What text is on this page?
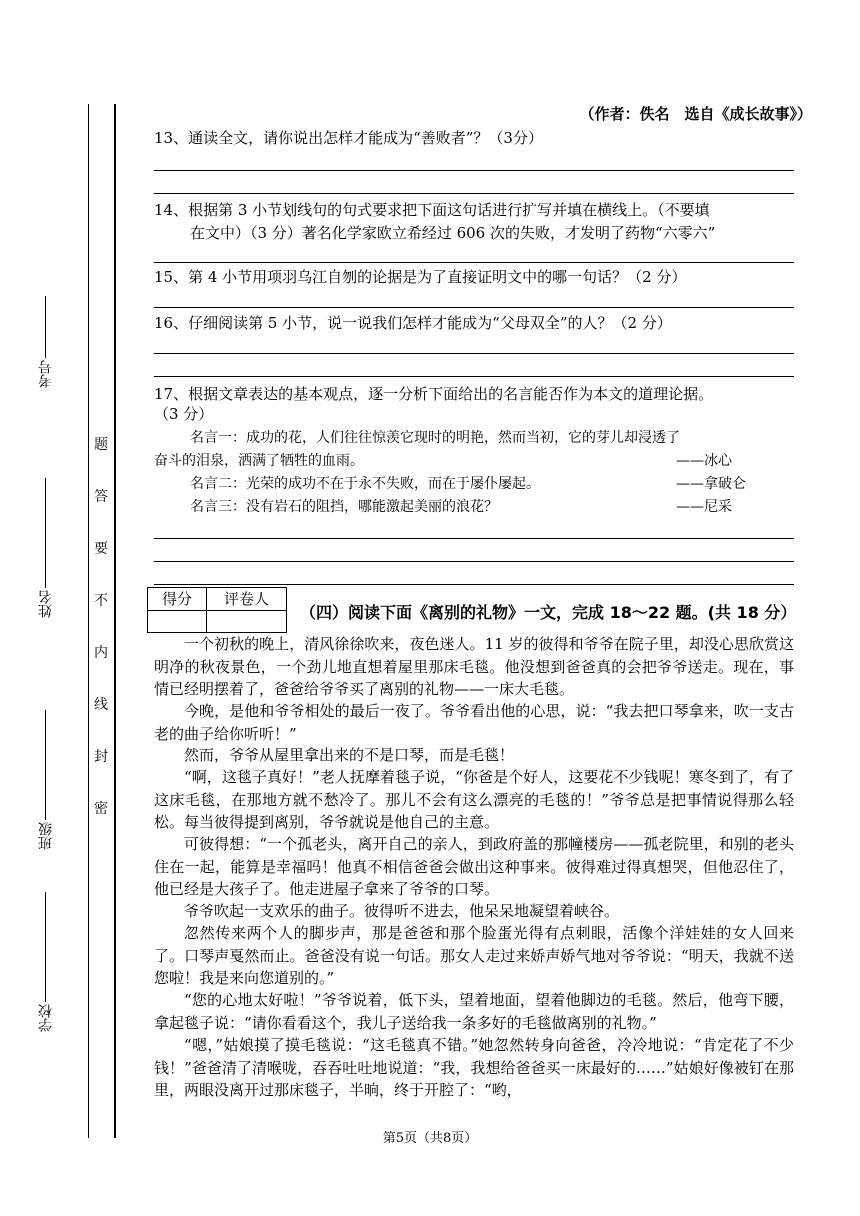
考号
姓名
班级
学校
题
答
要
不
内
线
封
密
（作者：佚名　选自《成长故事》）
13、通读全文，请你说出怎样才能成为“善败者”？（3分）
14、根据第 3 小节划线句的句式要求把下面这句话进行扩写并填在横线上。（不要填
在文中）（3 分）著名化学家欧立希经过 606 次的失败，才发明了药物“六零六”
15、第 4 小节用项羽乌江自刎的论据是为了直接证明文中的哪一句话？（2 分）
16、仔细阅读第 5 小节，说一说我们怎样才能成为“父母双全”的人？（2 分）
17、根据文章表达的基本观点，逐一分析下面给出的名言能否作为本文的道理论据。
（3 分）
名言一：成功的花，人们往往惊羡它现时的明艳，然而当初，它的芽儿却浸透了
奋斗的泪泉，洒满了牺牲的血雨。	——冰心
名言二：光荣的成功不在于永不失败，而在于屡仆屡起。	——拿破仑
名言三：没有岩石的阻挡，哪能激起美丽的浪花？	——尼采
得分	评卷人
（四）阅读下面《离别的礼物》一文，完成 18～22 题。(共 18 分）
一个初秋的晚上，清风徐徐吹来，夜色迷人。11 岁的彼得和爷爷在院子里，却没心思欣赏这明净的秋夜景色，一个劲儿地直想着屋里那床毛毯。他没想到爸爸真的会把爷爷送走。现在，事情已经明摆着了，爸爸给爷爷买了离别的礼物——一床大毛毯。
今晚，是他和爷爷相处的最后一夜了。爷爷看出他的心思，说：“我去把口琴拿来，吹一支古老的曲子给你听听！”
然而，爷爷从屋里拿出来的不是口琴，而是毛毯！
“啊，这毯子真好！”老人抚摩着毯子说，“你爸是个好人，这要花不少钱呢！寒冬到了，有了这床毛毯，在那地方就不愁冷了。那儿不会有这么漂亮的毛毯的！”爷爷总是把事情说得那么轻松。每当彼得提到离别，爷爷就说是他自己的主意。
可彼得想：“一个孤老头，离开自己的亲人，到政府盖的那幢楼房——孤老院里，和别的老头住在一起，能算是幸福吗！他真不相信爸爸会做出这种事来。彼得难过得真想哭，但他忍住了，他已经是大孩子了。他走进屋子拿来了爷爷的口琴。
爷爷吹起一支欢乐的曲子。彼得听不进去，他呆呆地凝望着峡谷。
忽然传来两个人的脚步声，那是爸爸和那个脸蛋光得有点刺眼，活像个洋娃娃的女人回来了。口琴声戛然而止。爸爸没有说一句话。那女人走过来娇声娇气地对爷爷说：“明天，我就不送您啦！我是来向您道别的。”
“您的心地太好啦！”爷爷说着，低下头，望着地面，望着他脚边的毛毯。然后，他弯下腰，拿起毯子说：“请你看看这个，我儿子送给我一条多好的毛毯做离别的礼物。”
“嗯，”姑娘摸了摸毛毯说：“这毛毯真不错。”她忽然转身向爸爸，冷冷地说：“肯定花了不少钱！”爸爸清了清喉咙，吞吞吐吐地说道：“我，我想给爸爸买一床最好的……”姑娘好像被钉在那里，两眼没离开过那床毯子，半晌，终于开腔了：“哟，
第5页（共8页）
